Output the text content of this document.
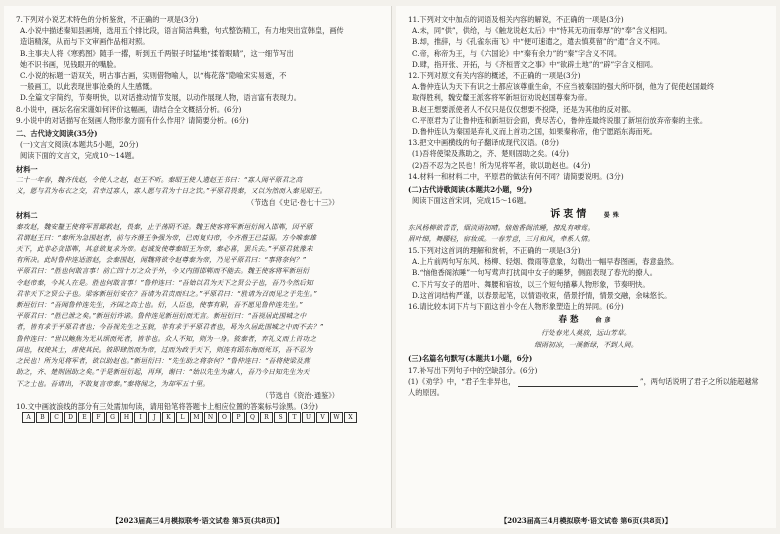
7.下列对小说艺术特色的分析鉴赏，不正确的一项是(3分)

A.小说中描述秦知县画境，选用五个排比段，语言简洁典雅，句式整饬精工，有力地突出宣韩皇，画传

造诣精深，从而与下文审画作品相对照。

B.主事夫人将《寒鸦图》随手一撂，听到五千两银子时猛地“揉着眼睛”，这一细节写出

她不识书画，见钱眼开的嘴脸。

C.小说的标题一语双关，明古事古画，实则借物喻人，以“梅花落”隐喻宋实易逝，不

一般画工，以此表现世事沧桑的人生感慨。

D.全篇文字简约，节奏明快，以对话推动情节发展，以动作展现人物，语言富有表现力。

8.小说中，画坛名宿宋谨如何评价这幅画，请结合全文概括分析。(6分)

9.小说中的对话描写在刻画人物形象方面有什么作用？请简要分析。(6分)

二、古代诗文阅读(35分)

(一)文言文阅读(本题共5小题，20分)

阅读下面的文言文，完成10～14题。

材料一

二十一年春，魏齐伐赵，令使人之赵，赵王不听。秦昭王使人遗赵王书曰：“寡人闻平原君之高

义，愿与君为布衣之交，君幸过寡人，寡人愿与君为十日之饮。”平原君畏秦，又以为然而入秦见昭王。

（节选自《史记·卷七十三》）

材料二

秦攻赵，魏安釐王使将军晋鄙救赵，畏秦，止于荡阴不进。魏王使客将军新垣衍间入邯郸，因平原

君谓赵王曰：“秦所为急围赵者，前与齐湣王争强为帝，已而复归帝，今齐湣王已益弱。方今唯秦雄

天下，此非必贪邯郸，其意欲复求为帝。赵诚发使尊秦昭王为帝，秦必喜，罢兵去。”平原君犹豫未

有所决。此时鲁仲连适游赵，会秦围赵，闻魏将欲令赵尊秦为帝，乃见平原君曰：“事将奈何？”

平原君曰：“胜也何敢言事！前亡四十万之众于外，今又内围邯郸而不能去。魏王使客将军新垣衍

令赵帝秦，今其人在是。胜也何敢言事！”鲁仲连曰：“吾始以君为天下之贤公子也，吾乃今然后知

君非天下之贤公子也。梁客新垣衍安在？吾请为君责而归之。”平原君曰：“胜请为召而见之于先生。”

新垣衍曰：“吾闻鲁仲连先生，齐国之高士也。衍，人臣也，使事有职，吾不愿见鲁仲连先生。”

平原君曰：“胜已泄之矣。”新垣衍许诺。鲁仲连见新垣衍而无言。新垣衍曰：“吾视居此围城之中

者，皆有求于平原君者也；今吾视先生之玉貌，非有求于平原君者也，曷为久居此围城之中而不去？”

鲁仲连曰：“世以鲍焦为无从颂而死者，皆非也。众人不知，则为一身。彼秦者，弃礼义而上首功之

国也，权使其士，虏使其民。彼即肆然而为帝，过而为政于天下，则连有蹈东海而死耳，吾不忍为

之民也！所为见将军者，欲以助赵也。”新垣衍曰：“先生助之将奈何？”鲁仲连曰：“吾将使梁及燕

助之，齐、楚则固助之矣。”于是新垣衍起，再拜，谢曰：“始以先生为庸人，吾乃今日知先生为天

下之士也。吾请出，不敢复言帝秦。”秦将闻之，为却军五十里。

（节选自《资治·通鉴》）

10.文中画波浪线的部分有三处需加句读，请用铅笔将答题卡上相应位置的答案标号涂黑。(3分)

A	B	C	D	E	F	G	H	I	J	K	L	M	N	O	P	Q	R	S	T	U	V	W	X
【2023届高三4月模拟联考·语文试卷 第5页(共8页)】

11.下列对文中加点的词语及相关内容的解说，不正确的一项是(3分)

A.未，同“供”，供给，与《触龙说赵太后》中“恃其无功而奉厚”的“奉”含义相同。

B.却，推辞，与《孔雀东南飞》中“便可速遣之，遣去慎莫留”的“遣”含义不同。

C.帝，称帝为王，与《六国论》中“秦有余力”的“秦”字含义不同。

D.肆，指开张、开拓，与《齐桓晋文之事》中“欲辟土地”的“辟”字含义相同。

12.下列对原文有关内容的概述，不正确的一项是(3分)

A.鲁仲连认为天下有识之士都应该尊重生命，不应当被秦国的强大所吓倒，他为了促使赵国最终

取得胜利，魏安釐王派客将军新垣衍劝说赵国尊秦为帝。

B.赵王想要派使者人不仅只是仅仅想要不投降，还是为其他的反对都。

C.平原君为了让鲁仲连和新垣衍会面，费尽苦心，鲁仲连最终说服了新垣衍放弃帝秦的主张。

D.鲁仲连认为秦国是弃礼义而上首功之国，如果秦称帝，他宁愿蹈东海而死。

13.把文中画横线的句子翻译成现代汉语。(8分)

(1)吾将使梁及燕助之，齐、楚则固助之矣。(4分)

(2)吾不忍为之民也！所为见将军者，欲以助赵也。(4分)

14.材料一和材料二中，平原君的做法有何不同？请简要说明。(3分)

(二)古代诗歌阅读(本题共2小题，9分)

阅读下面这首宋词，完成15～16题。

诉衷情 晏殊

东风杨柳欲青青，烟淡雨初晴。恼他香阁浓睡，撩乱有啼莺。

眉叶细，舞腰轻，宿妆成。一春芳意，三月和风，牵系人情。

15.下列对这首词的理解和赏析，不正确的一项是(3分)

A.上片前两句写东风、杨柳、轻烟、微雨等意象，勾勒出一幅早春图画，春意盎然。

B.“恼他香阁浓睡”一句写莺声打扰闺中女子的睡梦，侧面表现了春光的撩人。

C.下片写女子的眉叶、舞腰和宿妆，以三个短句描摹人物形象，节奏明快。

D.这首词结构严谨，以春景起笔，以情语收束，借景抒情，情景交融，余味悠长。

16.请比较本词下片与下面这首小令在人物形象塑造上的异同。(6分)

春愁 俞彦

行处春光人莫放，远山芳草。

细雨初凉，一溪新绿，不到人间。

(三)名篇名句默写(本题共1小题，6分)

17.补写出下列句子中的空缺部分。(6分)

(1)《劝学》中，“君子生非异也，	”，两句话说明了君子之所以能超越常人的原因。

【2023届高三4月模拟联考·语文试卷 第6页(共8页)】
